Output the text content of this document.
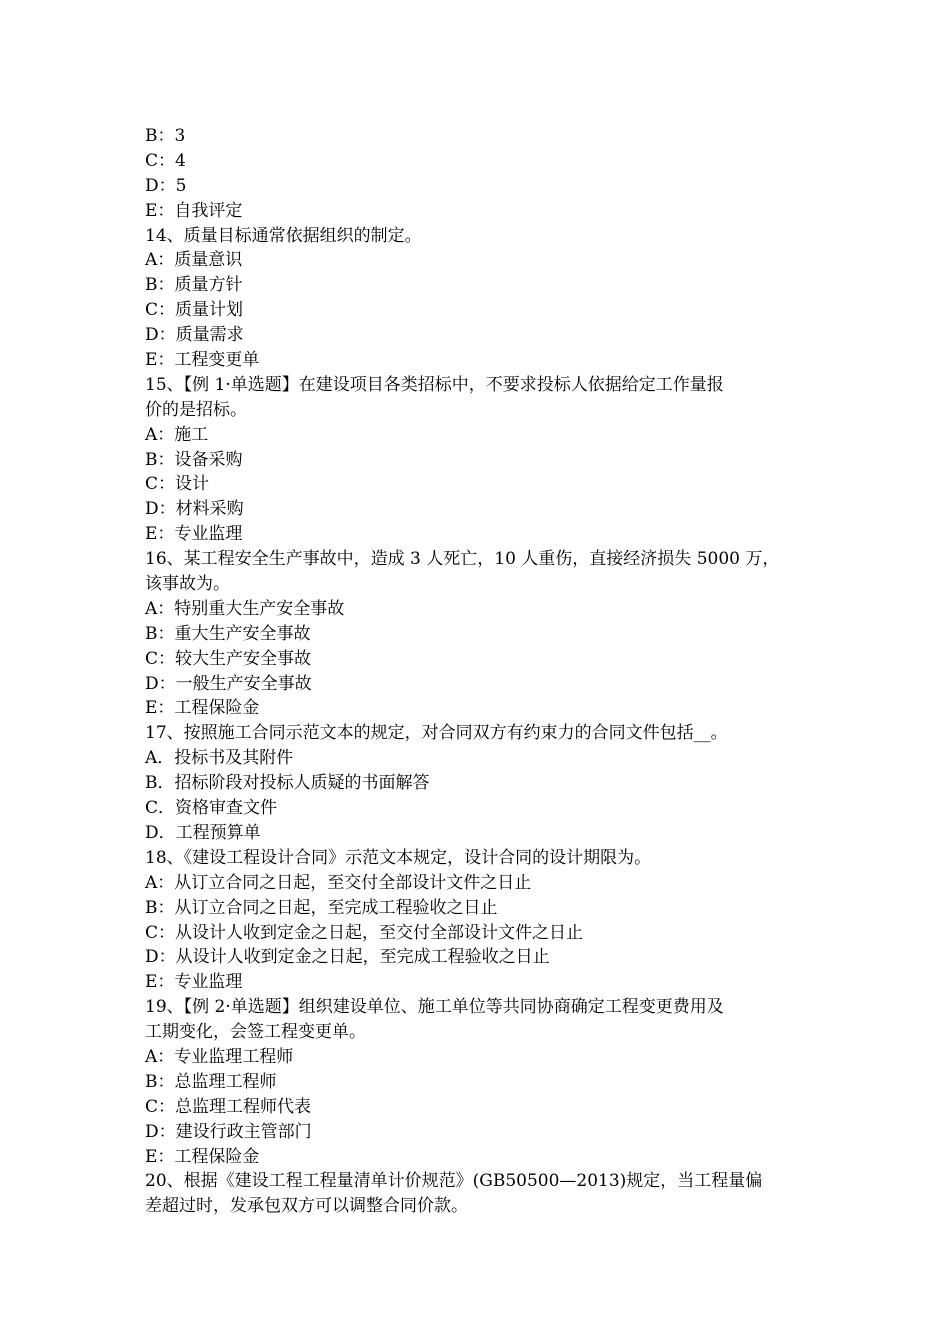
B：3

C：4

D：5

E：自我评定

14、质量目标通常依据组织的制定。

A：质量意识

B：质量方针

C：质量计划

D：质量需求

E：工程变更单

15、【例 1·单选题】在建设项目各类招标中，不要求投标人依据给定工作量报

价的是招标。

A：施工

B：设备采购

C：设计

D：材料采购

E：专业监理

16、某工程安全生产事故中，造成 3 人死亡，10 人重伤，直接经济损失 5000 万，

该事故为。

A：特别重大生产安全事故

B：重大生产安全事故

C：较大生产安全事故

D：一般生产安全事故

E：工程保险金

17、按照施工合同示范文本的规定，对合同双方有约束力的合同文件包括__。

A．投标书及其附件

B．招标阶段对投标人质疑的书面解答

C．资格审查文件

D．工程预算单

18、《建设工程设计合同》示范文本规定，设计合同的设计期限为。

A：从订立合同之日起，至交付全部设计文件之日止

B：从订立合同之日起，至完成工程验收之日止

C：从设计人收到定金之日起，至交付全部设计文件之日止

D：从设计人收到定金之日起，至完成工程验收之日止

E：专业监理

19、【例 2·单选题】组织建设单位、施工单位等共同协商确定工程变更费用及

工期变化，会签工程变更单。

A：专业监理工程师

B：总监理工程师

C：总监理工程师代表

D：建设行政主管部门

E：工程保险金

20、根据《建设工程工程量清单计价规范》(GB50500—2013)规定，当工程量偏

差超过时，发承包双方可以调整合同价款。
